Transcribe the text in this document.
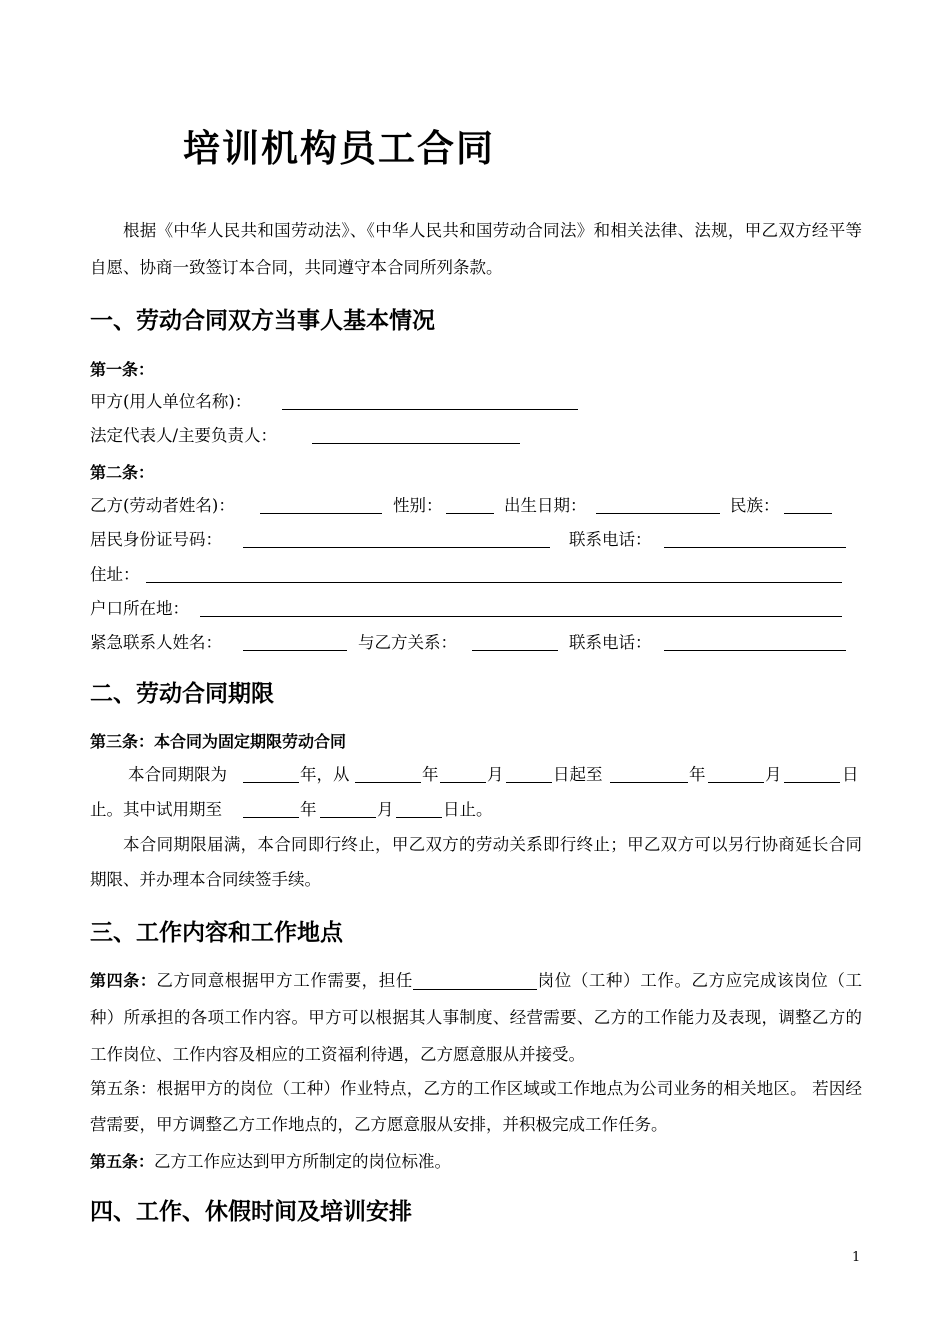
培训机构员工合同

根据《中华人民共和国劳动法》、《中华人民共和国劳动合同法》和相关法律、法规，甲乙双方经平等自愿、协商一致签订本合同，共同遵守本合同所列条款。

一、劳动合同双方当事人基本情况
第一条：
甲方(用人单位名称)：
法定代表人/主要负责人：
第二条：
乙方(劳动者姓名)：	性别：	出生日期：	民族：
居民身份证号码：	联系电话：
住址：
户口所在地：
紧急联系人姓名：	与乙方关系：	联系电话：
二、劳动合同期限
第三条：本合同为固定期限劳动合同
本合同期限为	年，从	年	月	日起至	年	月	日
止。其中试用期至	年	月	日止。

本合同期限届满，本合同即行终止，甲乙双方的劳动关系即行终止；甲乙双方可以另行协商延长合同期限、并办理本合同续签手续。

三、工作内容和工作地点

第四条：乙方同意根据甲方工作需要，担任	岗位（工种）工作。乙方应完成该岗位（工种）所承担的各项工作内容。甲方可以根据其人事制度、经营需要、乙方的工作能力及表现，调整乙方的工作岗位、工作内容及相应的工资福利待遇，乙方愿意服从并接受。

第五条：根据甲方的岗位（工种）作业特点，乙方的工作区域或工作地点为公司业务的相关地区。 若因经营需要，甲方调整乙方工作地点的，乙方愿意服从安排，并积极完成工作任务。

第五条：乙方工作应达到甲方所制定的岗位标准。

四、工作、休假时间及培训安排
1
